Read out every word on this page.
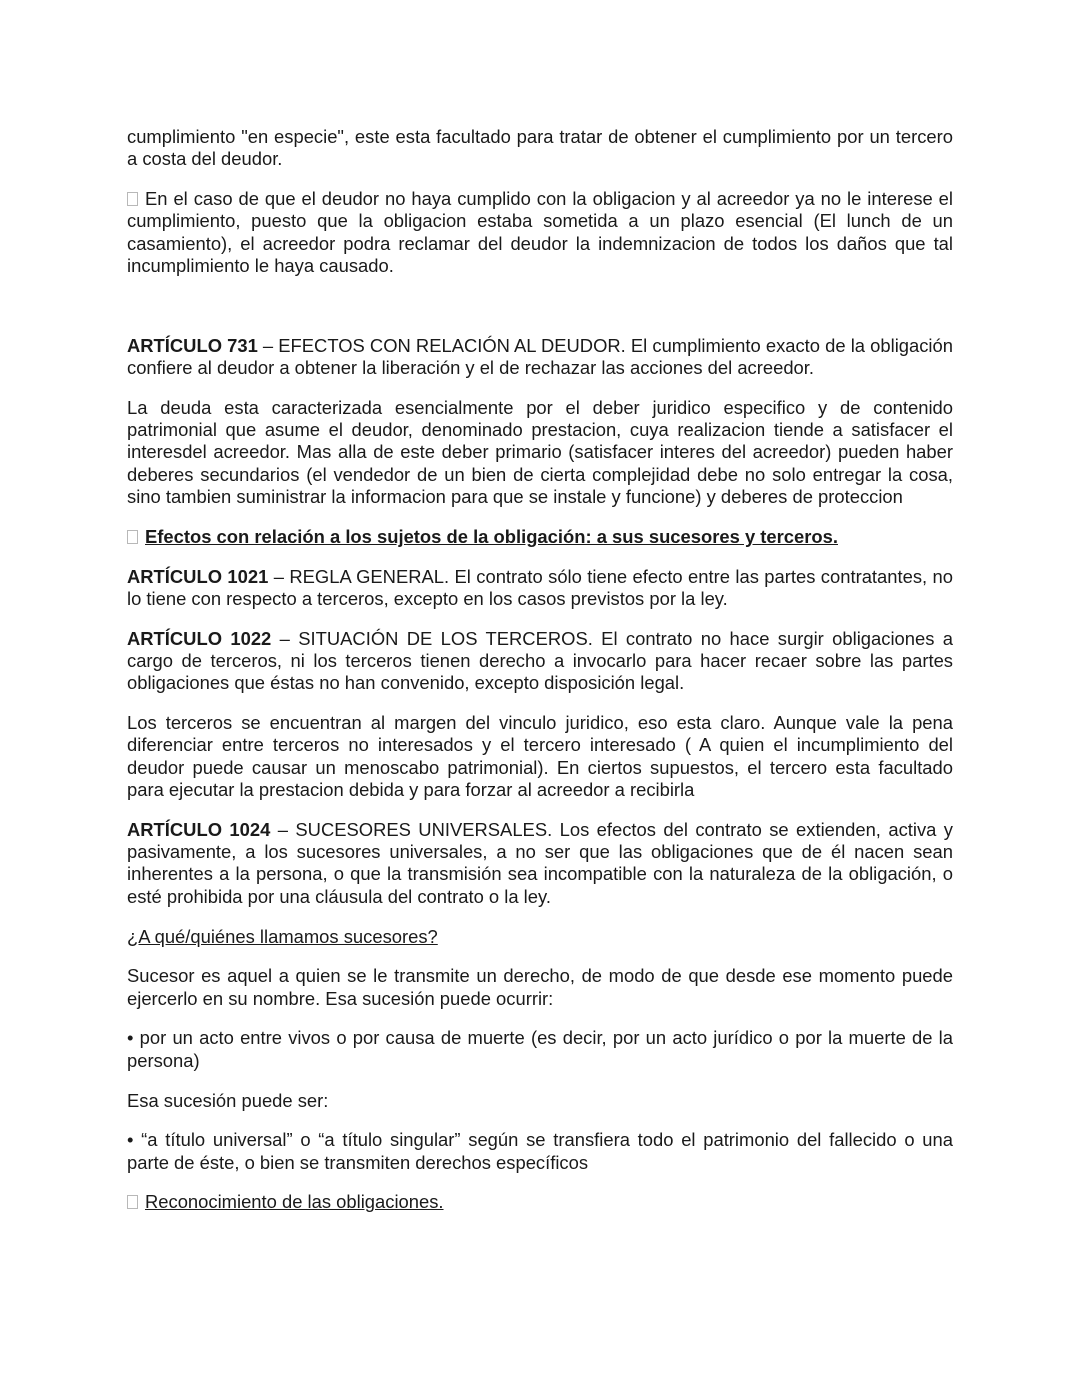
cumplimiento "en especie", este esta facultado para tratar de obtener el cumplimiento por un tercero a costa del deudor.

En el caso de que el deudor no haya cumplido con la obligacion y al acreedor ya no le interese el cumplimiento, puesto que la obligacion estaba sometida a un plazo esencial (El lunch de un casamiento), el acreedor podra reclamar del deudor la indemnizacion de todos los daños que tal incumplimiento le haya causado.

ARTÍCULO 731 – EFECTOS CON RELACIÓN AL DEUDOR. El cumplimiento exacto de la obligación confiere al deudor a obtener la liberación y el de rechazar las acciones del acreedor.

La deuda esta caracterizada esencialmente por el deber juridico especifico y de contenido patrimonial que asume el deudor, denominado prestacion, cuya realizacion tiende a satisfacer el interesdel acreedor. Mas alla de este deber primario (satisfacer interes del acreedor) pueden haber deberes secundarios (el vendedor de un bien de cierta complejidad debe no solo entregar la cosa, sino tambien suministrar la informacion para que se instale y funcione) y deberes de proteccion

Efectos con relación a los sujetos de la obligación: a sus sucesores y terceros.

ARTÍCULO 1021 – REGLA GENERAL. El contrato sólo tiene efecto entre las partes contratantes, no lo tiene con respecto a terceros, excepto en los casos previstos por la ley.

ARTÍCULO 1022 – SITUACIÓN DE LOS TERCEROS. El contrato no hace surgir obligaciones a cargo de terceros, ni los terceros tienen derecho a invocarlo para hacer recaer sobre las partes obligaciones que éstas no han convenido, excepto disposición legal.

Los terceros se encuentran al margen del vinculo juridico, eso esta claro. Aunque vale la pena diferenciar entre terceros no interesados y el tercero interesado ( A quien el incumplimiento del deudor puede causar un menoscabo patrimonial). En ciertos supuestos, el tercero esta facultado para ejecutar la prestacion debida y para forzar al acreedor a recibirla

ARTÍCULO 1024 – SUCESORES UNIVERSALES. Los efectos del contrato se extienden, activa y pasivamente, a los sucesores universales, a no ser que las obligaciones que de él nacen sean inherentes a la persona, o que la transmisión sea incompatible con la naturaleza de la obligación, o esté prohibida por una cláusula del contrato o la ley.

¿A qué/quiénes llamamos sucesores?

Sucesor es aquel a quien se le transmite un derecho, de modo de que desde ese momento puede ejercerlo en su nombre. Esa sucesión puede ocurrir:

• por un acto entre vivos o por causa de muerte (es decir, por un acto jurídico o por la muerte de la persona)

Esa sucesión puede ser:

• “a título universal” o “a título singular” según se transfiera todo el patrimonio del fallecido o una parte de éste, o bien se transmiten derechos específicos

Reconocimiento de las obligaciones.
